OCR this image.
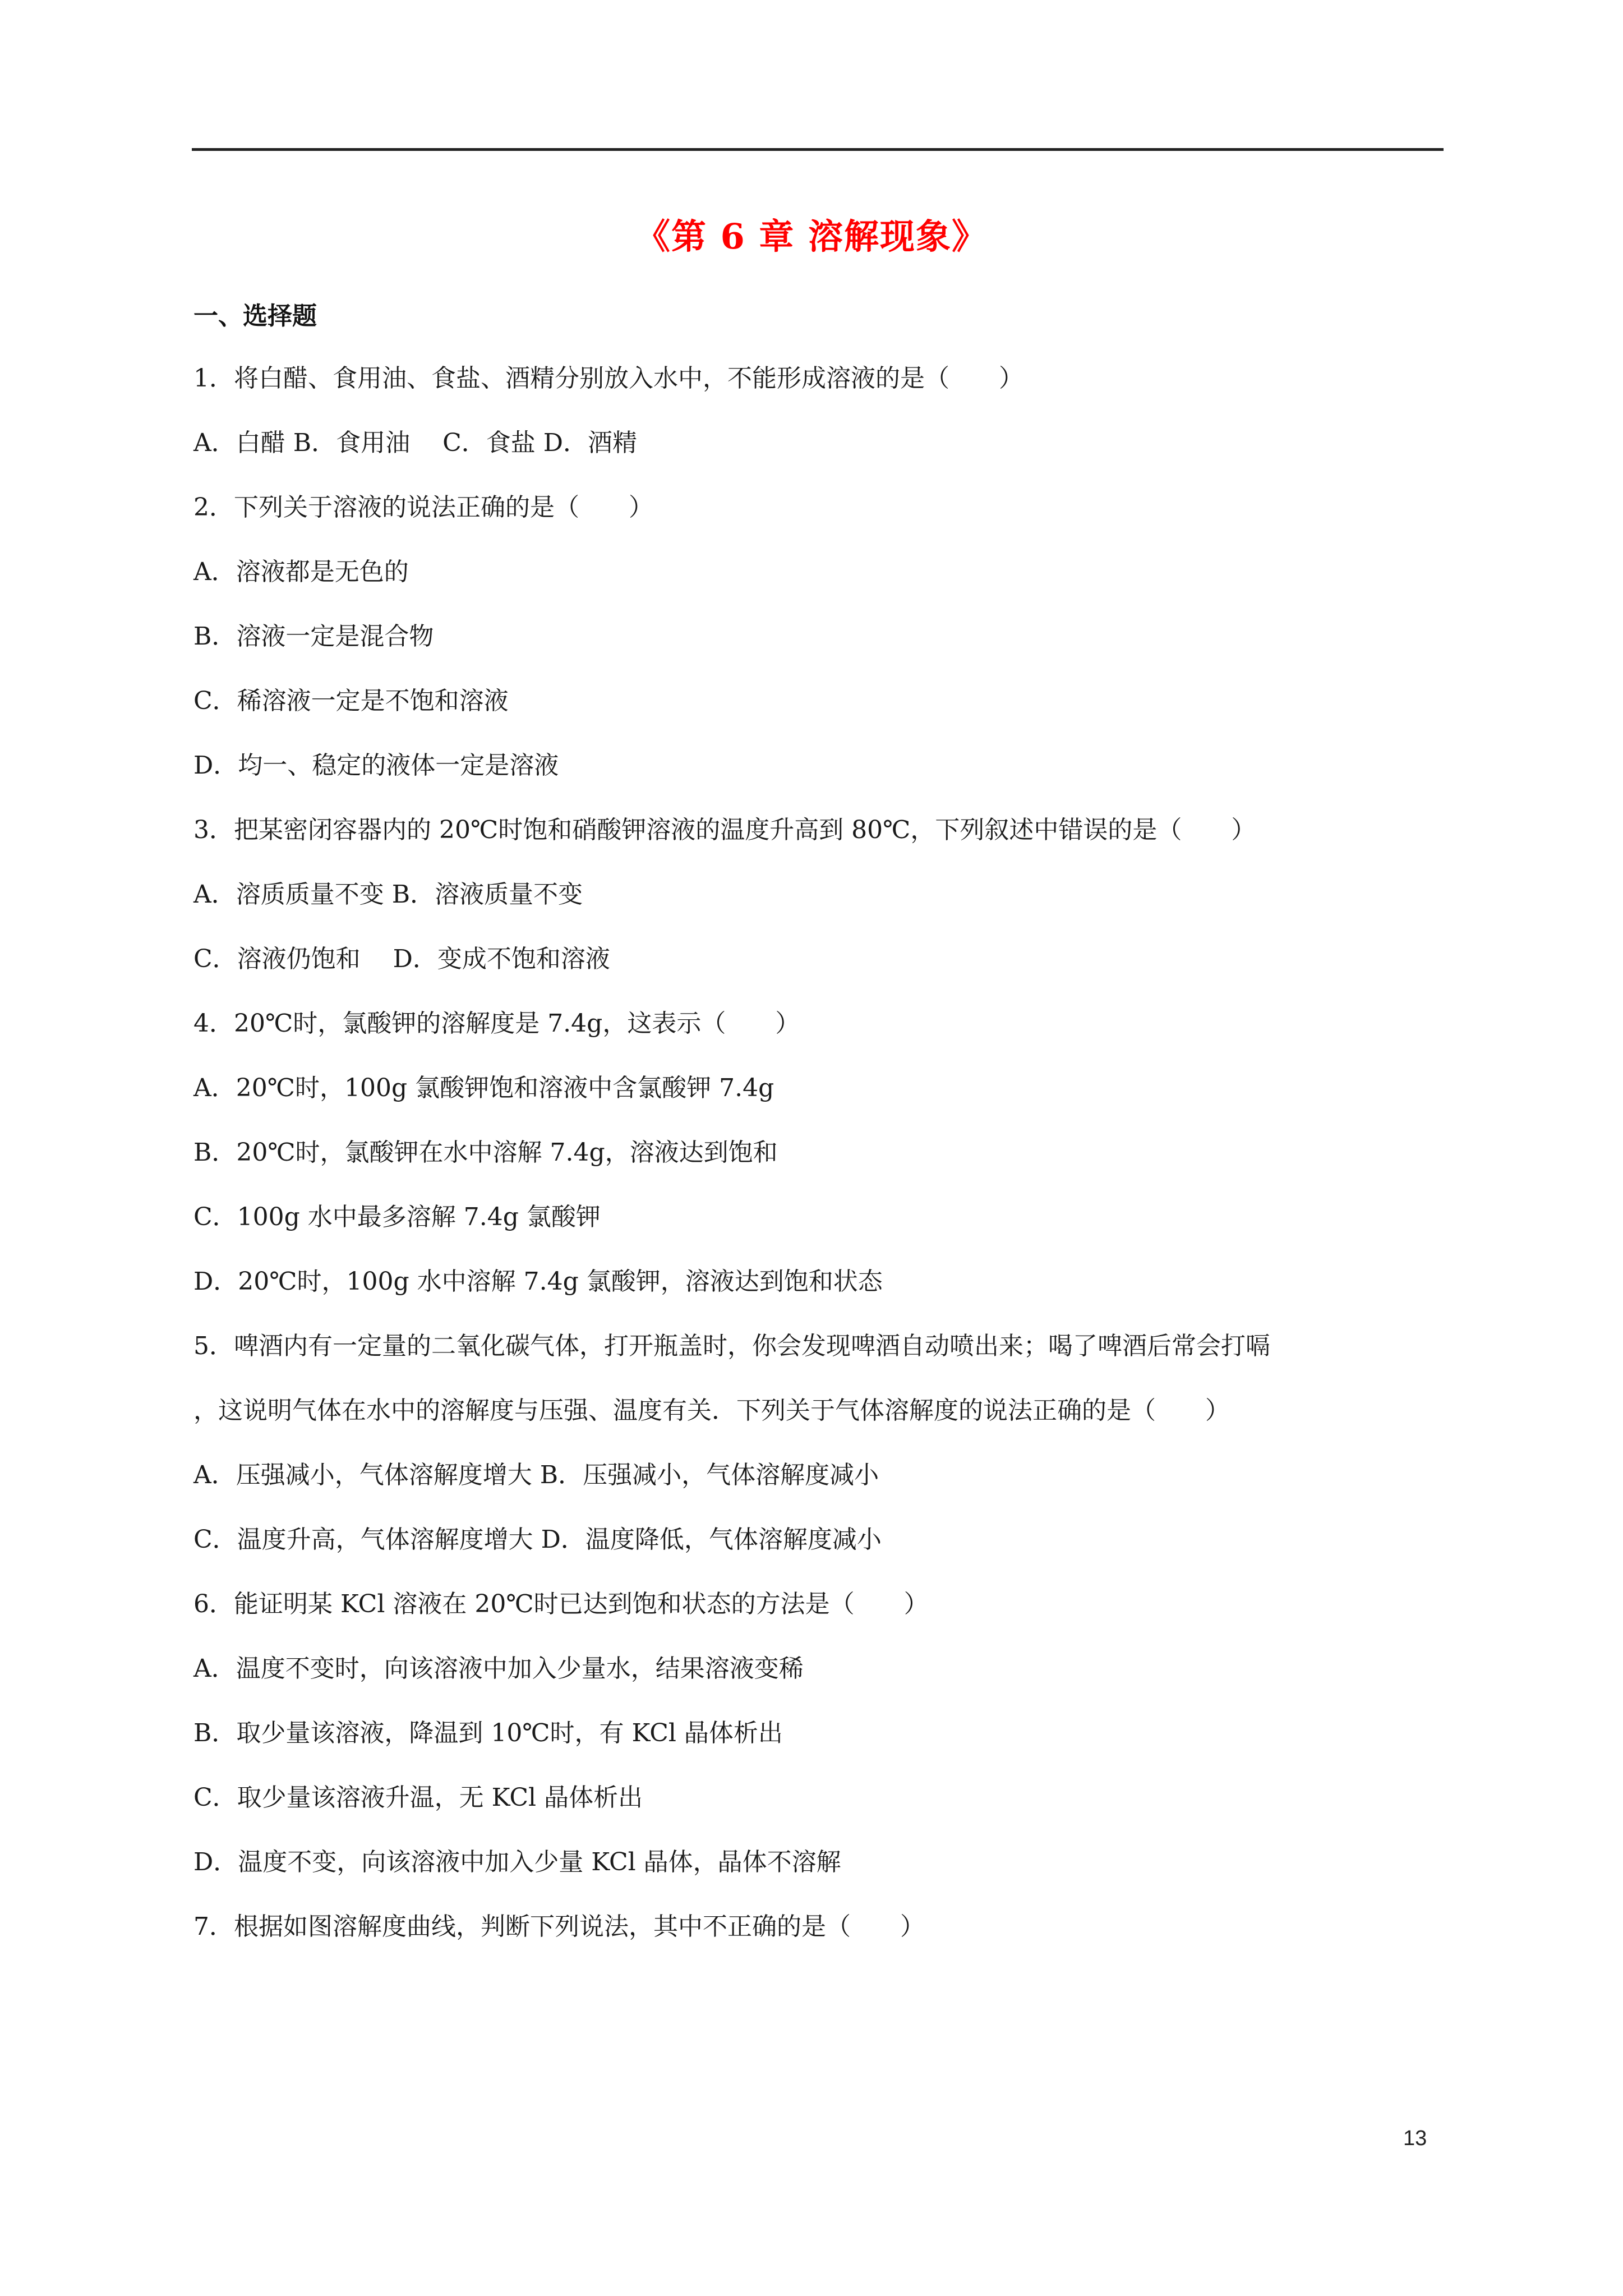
《第 6 章 溶解现象》
一、选择题
1．将白醋、食用油、食盐、酒精分别放入水中，不能形成溶液的是（　　）
A．白醋 B．食用油　 C．食盐 D．酒精
2．下列关于溶液的说法正确的是（　　）
A．溶液都是无色的
B．溶液一定是混合物
C．稀溶液一定是不饱和溶液
D．均一、稳定的液体一定是溶液
3．把某密闭容器内的 20℃时饱和硝酸钾溶液的温度升高到 80℃，下列叙述中错误的是（　　）
A．溶质质量不变 B．溶液质量不变
C．溶液仍饱和　 D．变成不饱和溶液
4．20℃时，氯酸钾的溶解度是 7.4g，这表示（　　）
A．20℃时，100g 氯酸钾饱和溶液中含氯酸钾 7.4g
B．20℃时，氯酸钾在水中溶解 7.4g，溶液达到饱和
C．100g 水中最多溶解 7.4g 氯酸钾
D．20℃时，100g 水中溶解 7.4g 氯酸钾，溶液达到饱和状态
5．啤酒内有一定量的二氧化碳气体，打开瓶盖时，你会发现啤酒自动喷出来；喝了啤酒后常会打嗝
，这说明气体在水中的溶解度与压强、温度有关．下列关于气体溶解度的说法正确的是（　　）
A．压强减小，气体溶解度增大 B．压强减小，气体溶解度减小
C．温度升高，气体溶解度增大 D．温度降低，气体溶解度减小
6．能证明某 KCl 溶液在 20℃时已达到饱和状态的方法是（　　）
A．温度不变时，向该溶液中加入少量水，结果溶液变稀
B．取少量该溶液，降温到 10℃时，有 KCl 晶体析出
C．取少量该溶液升温，无 KCl 晶体析出
D．温度不变，向该溶液中加入少量 KCl 晶体，晶体不溶解
7．根据如图溶解度曲线，判断下列说法，其中不正确的是（　　）
13
